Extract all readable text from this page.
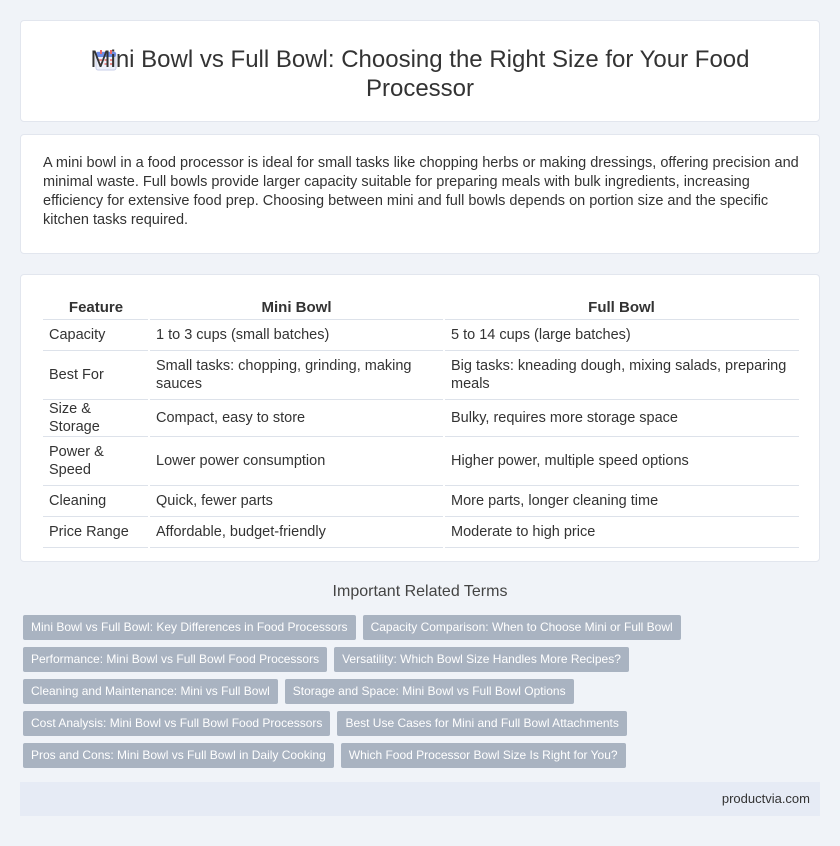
Mini Bowl vs Full Bowl: Choosing the Right Size for Your Food Processor

A mini bowl in a food processor is ideal for small tasks like chopping herbs or making dressings, offering precision and minimal waste. Full bowls provide larger capacity suitable for preparing meals with bulk ingredients, increasing efficiency for extensive food prep. Choosing between mini and full bowls depends on portion size and the specific kitchen tasks required.

Feature	Mini Bowl	Full Bowl
Capacity	1 to 3 cups (small batches)	5 to 14 cups (large batches)
Best For	Small tasks: chopping, grinding, making sauces	Big tasks: kneading dough, mixing salads, preparing meals
Size & Storage	Compact, easy to store	Bulky, requires more storage space
Power & Speed	Lower power consumption	Higher power, multiple speed options
Cleaning	Quick, fewer parts	More parts, longer cleaning time
Price Range	Affordable, budget-friendly	Moderate to high price
Important Related Terms
Mini Bowl vs Full Bowl: Key Differences in Food Processors	Capacity Comparison: When to Choose Mini or Full Bowl
Performance: Mini Bowl vs Full Bowl Food Processors	Versatility: Which Bowl Size Handles More Recipes?
Cleaning and Maintenance: Mini vs Full Bowl	Storage and Space: Mini Bowl vs Full Bowl Options
Cost Analysis: Mini Bowl vs Full Bowl Food Processors	Best Use Cases for Mini and Full Bowl Attachments
Pros and Cons: Mini Bowl vs Full Bowl in Daily Cooking	Which Food Processor Bowl Size Is Right for You?
productvia.com
